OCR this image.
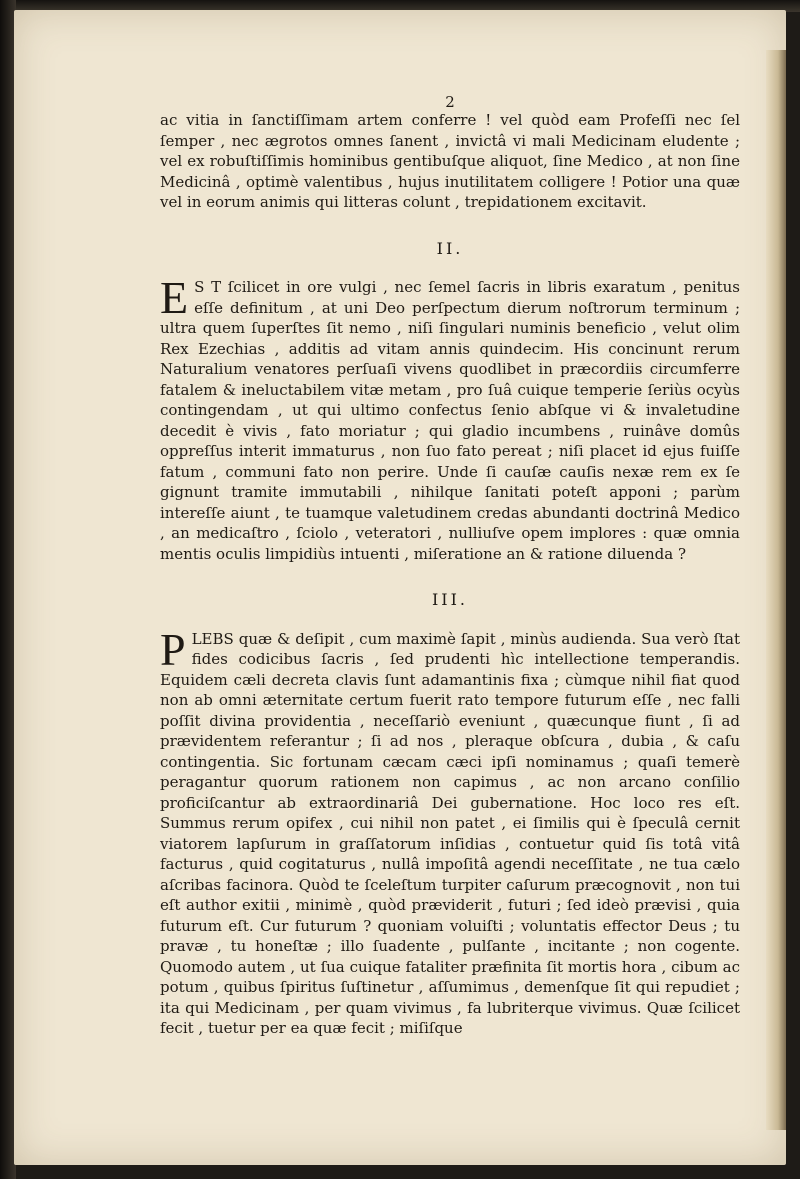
2

ac vitia in ſanctiſſimam artem conferre ! vel quòd eam Profeſſi nec ſel ſemper , nec ægrotos omnes ſanent , invictâ vi mali Medicinam eludente ; vel ex robuſtiſſimis hominibus gentibuſque aliquot, ſine Medico , at non ſine Medicinâ , optimè valentibus , hujus inutilitatem colligere ! Potior una quæ vel in eorum animis qui litteras colunt , trepidationem excitavit.

II.

E S T ſcilicet in ore vulgi , nec ſemel ſacris in libris exaratum , penitus eſſe definitum , at uni Deo perſpectum dierum noſtrorum terminum ; ultra quem ſuperſtes ſit nemo , niſi ſingulari numinis beneficio , velut olim Rex Ezechias , additis ad vitam annis quindecim. His concinunt rerum Naturalium venatores perſuaſi vivens quodlibet in præcordiis circumferre fatalem & ineluctabilem vitæ metam , pro ſuâ cuique temperie ſeriùs ocyùs contingendam , ut qui ultimo confectus ſenio abſque vi & invaletudine decedit è vivis , fato moriatur ; qui gladio incumbens , ruinâve domûs oppreſſus interit immaturus , non ſuo fato pereat ; niſi placet id ejus fuiſſe fatum , communi fato non perire. Unde ſi cauſæ cauſis nexæ rem ex ſe gignunt tramite immutabili , nihilque ſanitati poteſt apponi ; parùm intereſſe aiunt , te tuamque valetudinem credas abundanti doctrinâ Medico , an medicaſtro , ſciolo , veteratori , nulliuſve opem implores : quæ omnia mentis oculis limpidiùs intuenti , miſeratione an & ratione diluenda ?

III.

PLEBS quæ & deſipit , cum maximè ſapit , minùs audienda. Sua verò ſtat fides codicibus ſacris , ſed prudenti hìc intellectione temperandis. Equidem cæli decreta clavis ſunt adamantinis fixa ; cùmque nihil fiat quod non ab omni æternitate certum fuerit rato tempore futurum eſſe , nec falli poſſit divina providentia , neceſſariò eveniunt , quæcunque fiunt , ſi ad prævidentem referantur ; ſi ad nos , pleraque obſcura , dubia , & caſu contingentia. Sic fortunam cæcam cæci ipſi nominamus ; quaſi temerè peragantur quorum rationem non capimus , ac non arcano conſilio proficiſcantur ab extraordinariâ Dei gubernatione. Hoc loco res eſt. Summus rerum opifex , cui nihil non patet , ei ſimilis qui è ſpeculâ cernit viatorem lapſurum in graſſatorum inſidias , contuetur quid ſis totâ vitâ facturus , quid cogitaturus , nullâ impoſitâ agendi neceſſitate , ne tua cælo aſcribas facinora. Quòd te ſceleſtum turpiter caſurum præcognovit , non tui eſt author exitii , minimè , quòd præviderit , futuri ; ſed ideò prævisi , quia futurum eſt. Cur futurum ? quoniam voluiſti ; voluntatis effector Deus ; tu pravæ , tu honeſtæ ; illo ſuadente , pulſante , incitante ; non cogente. Quomodo autem , ut ſua cuique fataliter præfinita ſit mortis hora , cibum ac potum , quibus ſpiritus ſuſtinetur , aſſumimus , demenſque ſit qui repudiet ; ita qui Medicinam , per quam vivimus , fa lubriterque vivimus. Quæ ſcilicet fecit , tuetur per ea quæ fecit ; miſiſque
